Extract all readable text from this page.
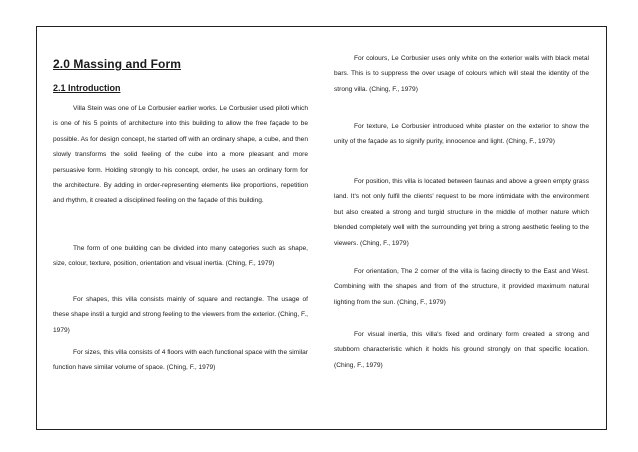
2.0 Massing and Form
2.1 Introduction

Villa Stein was one of Le Corbusier earlier works. Le Corbusier used piloti which is one of his 5 points of architecture into this building to allow the free façade to be possible. As for design concept, he started off with an ordinary shape, a cube, and then slowly transforms the solid feeling of the cube into a more pleasant and more persuasive form. Holding strongly to his concept, order, he uses an ordinary form for the architecture. By adding in order-representing elements like proportions, repetition and rhythm, it created a disciplined feeling on the façade of this building.

The form of one building can be divided into many categories such as shape, size, colour, texture, position, orientation and visual inertia. (Ching, F., 1979)

For shapes, this villa consists mainly of square and rectangle. The usage of these shape instil a turgid and strong feeling to the viewers from the exterior. (Ching, F., 1979)

For sizes, this villa consists of 4 floors with each functional space with the similar function have similar volume of space. (Ching, F., 1979)

For colours, Le Corbusier uses only white on the exterior walls with black metal bars. This is to suppress the over usage of colours which will steal the identity of the strong villa. (Ching, F., 1979)

For texture, Le Corbusier introduced white plaster on the exterior to show the unity of the façade as to signify purity, innocence and light. (Ching, F., 1979)

For position, this villa is located between faunas and above a green empty grass land. It's not only fulfil the clients' request to be more intimidate with the environment but also created a strong and turgid structure in the middle of mother nature which blended completely well with the surrounding yet bring a strong aesthetic feeling to the viewers. (Ching, F., 1979)

For orientation, The 2 corner of the villa is facing directly to the East and West. Combining with the shapes and from of the structure, it provided maximum natural lighting from the sun. (Ching, F., 1979)

For visual inertia, this villa's fixed and ordinary form created a strong and stubborn characteristic which it holds his ground strongly on that specific location. (Ching, F., 1979)
